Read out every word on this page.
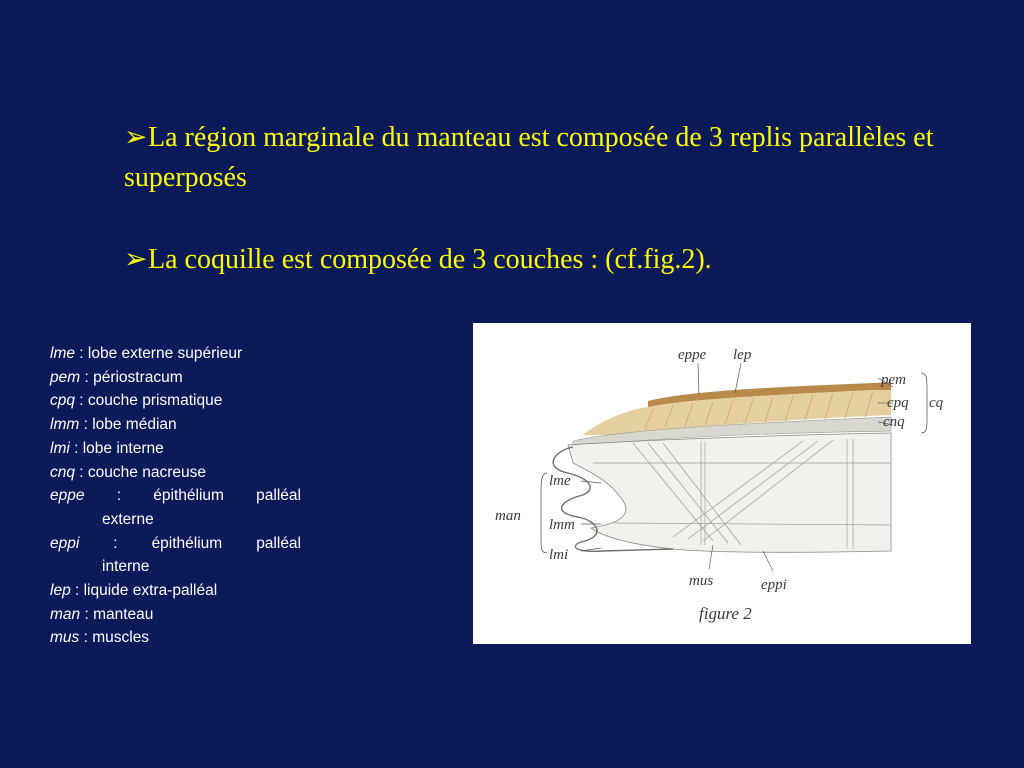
➢La région marginale du manteau est composée de 3 replis parallèles et superposés
➢La coquille est composée de 3 couches : (cf.fig.2).
lme : lobe externe supérieur
pem : périostracum
cpq : couche prismatique
lmm : lobe médian
lmi : lobe interne
cnq : couche nacreuse
eppe : épithélium palléal
externe
eppi : épithélium palléal
interne
lep : liquide extra-palléal
man : manteau
mus : muscles
eppe lep
pem
cpq cq
cnq
lme
man
lmm
lmi
mus	eppi
figure 2
